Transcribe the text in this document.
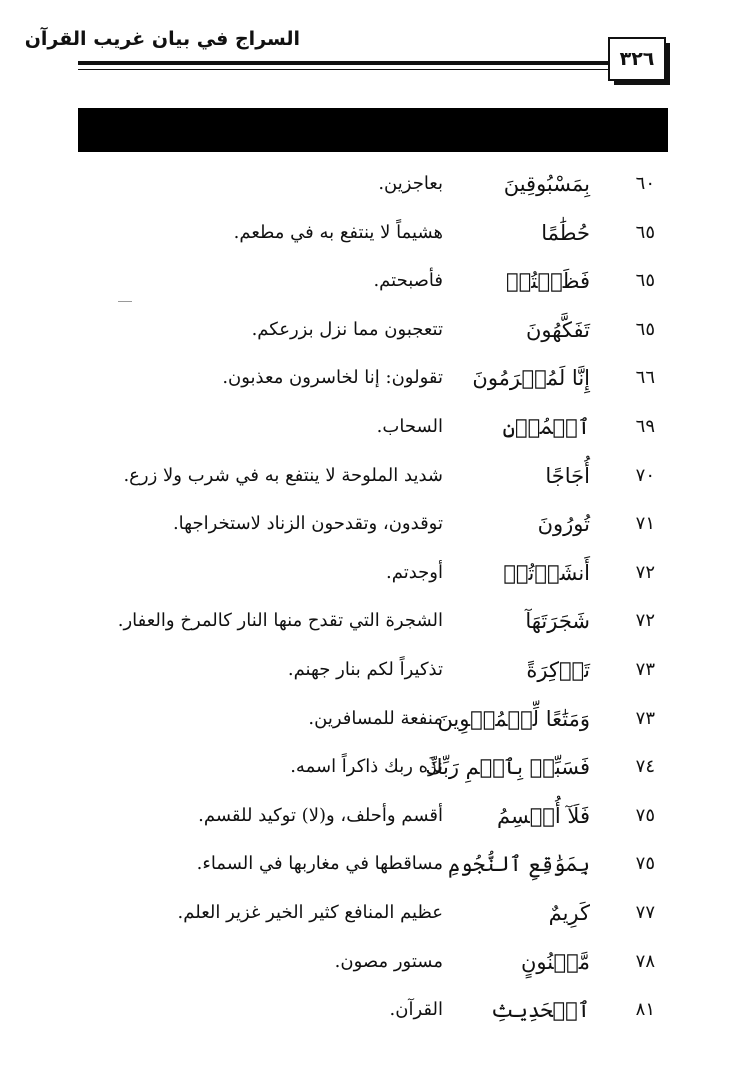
السراج في بيان غريب القرآن
٣٢٦
٦٠
بِمَسْبُوقِينَ
بعاجزين.
٦٥
حُطَٰمًا
هشيماً لا ينتفع به في مطعم.
٦٥
فَظَلۡتُمۡ
فأصبحتم.
٦٥
تَفَكَّهُونَ
تتعجبون مما نزل بزرعكم.
٦٦
إِنَّا لَمُغۡرَمُونَ
تقولون: إنا لخاسرون معذبون.
٦٩
ٱلۡمُزۡنِ
السحاب.
٧٠
أُجَاجًا
شديد الملوحة لا ينتفع به في شرب ولا زرع.
٧١
تُورُونَ
توقدون، وتقدحون الزناد لاستخراجها.
٧٢
أَنشَأۡتُمۡ
أوجدتم.
٧٢
شَجَرَتَهَآ
الشجرة التي تقدح منها النار كالمرخ والعفار.
٧٣
تَذۡكِرَةً
تذكيراً لكم بنار جهنم.
٧٣
وَمَتَٰعًا لِّلۡمُقۡوِينَ
منفعة للمسافرين.
٧٤
فَسَبِّحۡ بِٱسۡمِ رَبِّكَ
نزِّه ربك ذاكراً اسمه.
٧٥
فَلَآ أُقۡسِمُ
أقسم وأحلف، و(لا) توكيد للقسم.
٧٥
بِمَوَٰقِعِ ٱلنُّجُومِ
مساقطها في مغاربها في السماء.
٧٧
كَرِيمٌ
عظيم المنافع كثير الخير غزير العلم.
٧٨
مَّكۡنُونٍ
مستور مصون.
٨١
ٱلۡحَدِيثِ
القرآن.
